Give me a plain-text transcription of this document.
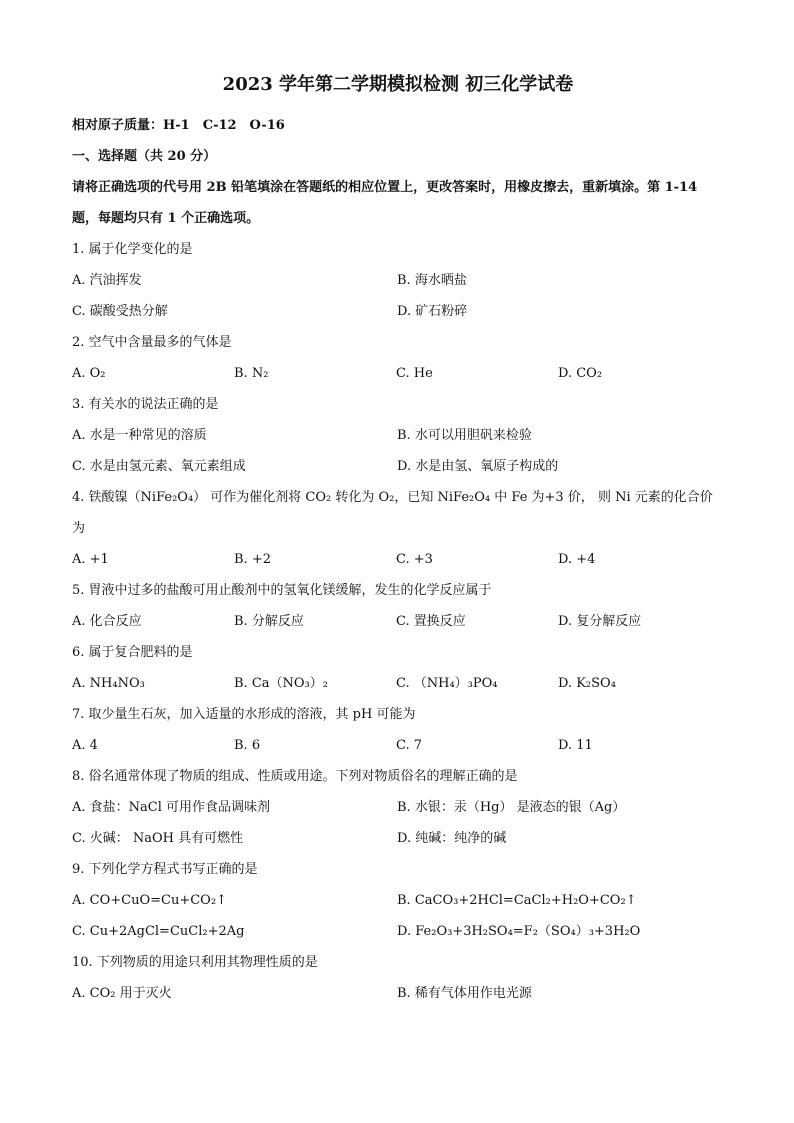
2023 学年第二学期模拟检测 初三化学试卷
相对原子质量：H-1　C-12　O-16
一、选择题（共 20 分）
请将正确选项的代号用 2B 铅笔填涂在答题纸的相应位置上，更改答案时，用橡皮擦去，重新填涂。第 1-14 题，每题均只有 1 个正确选项。
1. 属于化学变化的是
A. 汽油挥发	B. 海水晒盐
C. 碳酸受热分解	D. 矿石粉碎
2. 空气中含量最多的气体是
A. O₂	B. N₂	C. He	D. CO₂
3. 有关水的说法正确的是
A. 水是一种常见的溶质	B. 水可以用胆矾来检验
C. 水是由氢元素、氧元素组成	D. 水是由氢、氧原子构成的
4. 铁酸镍（NiFe₂O₄） 可作为催化剂将 CO₂ 转化为 O₂，已知 NiFe₂O₄ 中 Fe 为+3 价， 则 Ni 元素的化合价为
A. +1	B. +2	C. +3	D. +4
5. 胃液中过多的盐酸可用止酸剂中的氢氧化镁缓解，发生的化学反应属于
A. 化合反应	B. 分解反应	C. 置换反应	D. 复分解反应
6. 属于复合肥料的是
A. NH₄NO₃	B. Ca（NO₃）₂	C. （NH₄）₃PO₄	D. K₂SO₄
7. 取少量生石灰，加入适量的水形成的溶液，其 pH 可能为
A. 4	B. 6	C. 7	D. 11
8. 俗名通常体现了物质的组成、性质或用途。下列对物质俗名的理解正确的是
A. 食盐：NaCl 可用作食品调味剂	B. 水银：汞（Hg） 是液态的银（Ag）
C. 火碱： NaOH 具有可燃性	D. 纯碱：纯净的碱
9. 下列化学方程式书写正确的是
A. CO+CuO=Cu+CO₂↑	B. CaCO₃+2HCl=CaCl₂+H₂O+CO₂↑
C. Cu+2AgCl=CuCl₂+2Ag	D. Fe₂O₃+3H₂SO₄=F₂（SO₄）₃+3H₂O
10. 下列物质的用途只利用其物理性质的是
A. CO₂ 用于灭火	B. 稀有气体用作电光源
